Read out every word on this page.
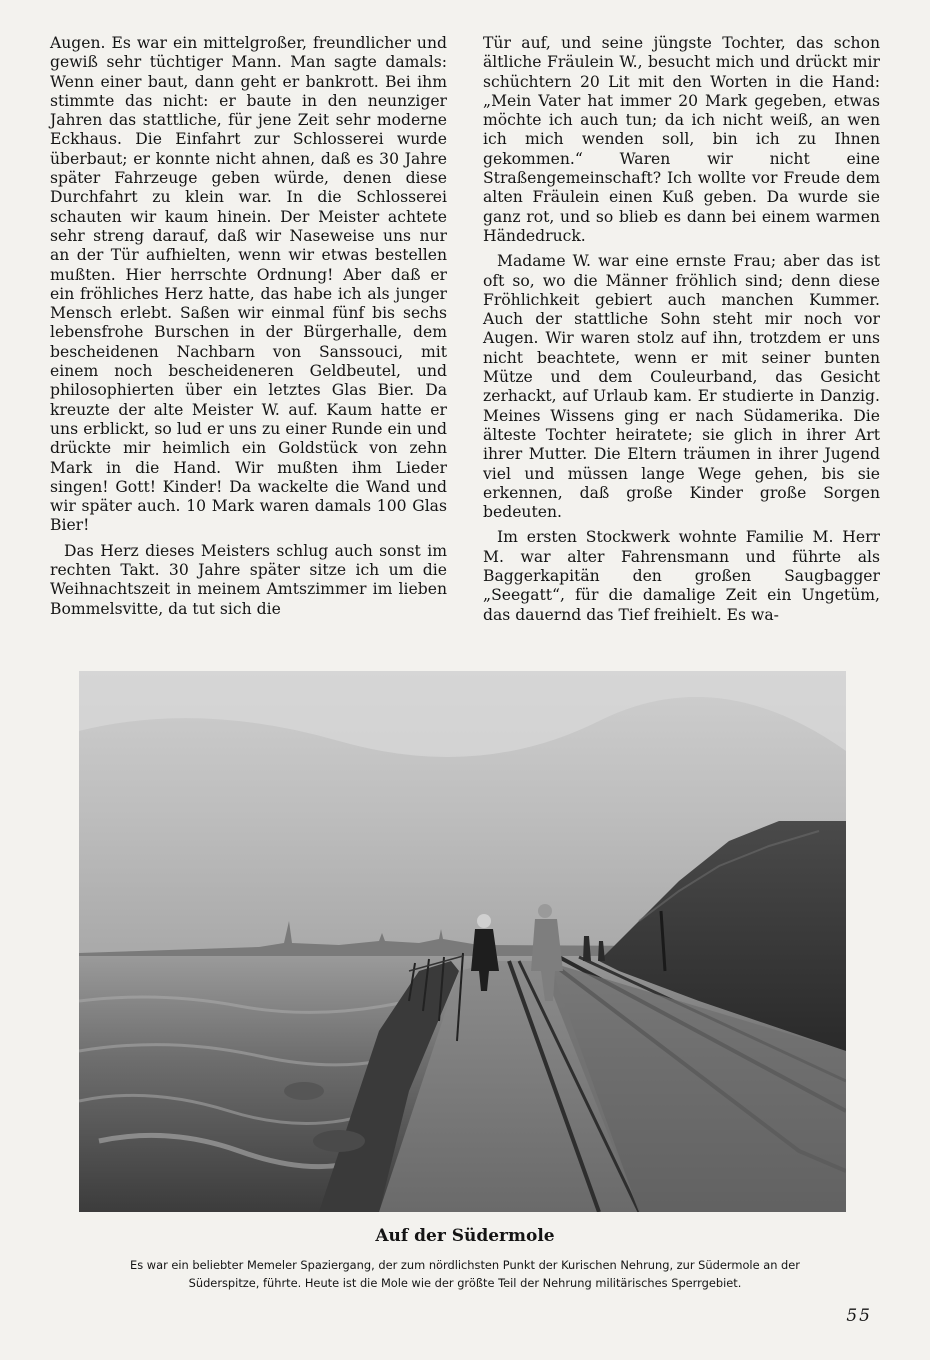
Augen. Es war ein mittelgroßer, freundlicher und gewiß sehr tüchtiger Mann. Man sagte damals: Wenn einer baut, dann geht er bankrott. Bei ihm stimmte das nicht: er baute in den neunziger Jahren das stattliche, für jene Zeit sehr moderne Eckhaus. Die Einfahrt zur Schlosserei wurde überbaut; er konnte nicht ahnen, daß es 30 Jahre später Fahrzeuge geben würde, denen diese Durchfahrt zu klein war. In die Schlosserei schauten wir kaum hinein. Der Meister achtete sehr streng darauf, daß wir Naseweise uns nur an der Tür aufhielten, wenn wir etwas bestellen mußten. Hier herrschte Ordnung! Aber daß er ein fröhliches Herz hatte, das habe ich als junger Mensch erlebt. Saßen wir einmal fünf bis sechs lebensfrohe Burschen in der Bürgerhalle, dem bescheidenen Nachbarn von Sanssouci, mit einem noch bescheideneren Geldbeutel, und philosophierten über ein letztes Glas Bier. Da kreuzte der alte Meister W. auf. Kaum hatte er uns erblickt, so lud er uns zu einer Runde ein und drückte mir heimlich ein Goldstück von zehn Mark in die Hand. Wir mußten ihm Lieder singen! Gott! Kinder! Da wackelte die Wand und wir später auch. 10 Mark waren damals 100 Glas Bier!

Das Herz dieses Meisters schlug auch sonst im rechten Takt. 30 Jahre später sitze ich um die Weihnachtszeit in meinem Amtszimmer im lieben Bommelsvitte, da tut sich die

Tür auf, und seine jüngste Tochter, das schon ältliche Fräulein W., besucht mich und drückt mir schüchtern 20 Lit mit den Worten in die Hand: „Mein Vater hat immer 20 Mark gegeben, etwas möchte ich auch tun; da ich nicht weiß, an wen ich mich wenden soll, bin ich zu Ihnen gekommen.“ Waren wir nicht eine Straßengemeinschaft? Ich wollte vor Freude dem alten Fräulein einen Kuß geben. Da wurde sie ganz rot, und so blieb es dann bei einem warmen Händedruck.

Madame W. war eine ernste Frau; aber das ist oft so, wo die Männer fröhlich sind; denn diese Fröhlichkeit gebiert auch manchen Kummer. Auch der stattliche Sohn steht mir noch vor Augen. Wir waren stolz auf ihn, trotzdem er uns nicht beachtete, wenn er mit seiner bunten Mütze und dem Couleurband, das Gesicht zerhackt, auf Urlaub kam. Er studierte in Danzig. Meines Wissens ging er nach Südamerika. Die älteste Tochter heiratete; sie glich in ihrer Art ihrer Mutter. Die Eltern träumen in ihrer Jugend viel und müssen lange Wege gehen, bis sie erkennen, daß große Kinder große Sorgen bedeuten.

Im ersten Stockwerk wohnte Familie M. Herr M. war alter Fahrensmann und führte als Baggerkapitän den großen Saugbagger „Seegatt“, für die damalige Zeit ein Ungetüm, das dauernd das Tief freihielt. Es wa-

Auf der Südermole
Es war ein beliebter Memeler Spaziergang, der zum nördlichsten Punkt der Kurischen Nehrung, zur Südermole an der
Süderspitze, führte. Heute ist die Mole wie der größte Teil der Nehrung militärisches Sperrgebiet.
55
